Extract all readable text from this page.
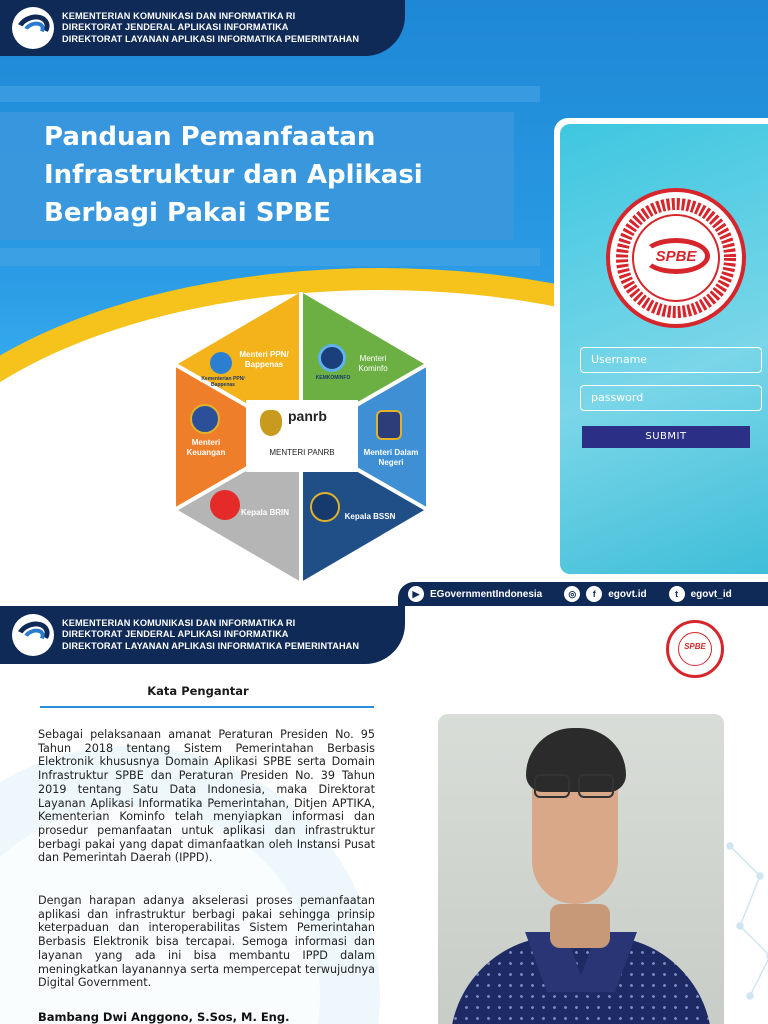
KEMENTERIAN KOMUNIKASI DAN INFORMATIKA RI
DIREKTORAT JENDERAL APLIKASI INFORMATIKA
DIREKTORAT LAYANAN APLIKASI INFORMATIKA PEMERINTAHAN
Panduan Pemanfaatan
Infrastruktur dan Aplikasi
Berbagi Pakai SPBE
SPBE
Username
password
SUBMIT
Menteri PPN/ Bappenas
Kementerian PPN/ Bappenas
KEMKOMINFO
Menteri Kominfo
Menteri Dalam Negeri
Kepala BSSN
Kepala BRIN
Menteri Keuangan
panrb
MENTERI PANRB
▶	EGovernmentIndonesia	◎	f	egovt.id	t	egovt_id
KEMENTERIAN KOMUNIKASI DAN INFORMATIKA RI
DIREKTORAT JENDERAL APLIKASI INFORMATIKA
DIREKTORAT LAYANAN APLIKASI INFORMATIKA PEMERINTAHAN	SPBE
Kata Pengantar
Sebagai pelaksanaan amanat Peraturan Presiden No. 95 Tahun 2018 tentang Sistem Pemerintahan Berbasis Elektronik khususnya Domain Aplikasi SPBE serta Domain Infrastruktur SPBE dan Peraturan Presiden No. 39 Tahun 2019 tentang Satu Data Indonesia, maka Direktorat Layanan Aplikasi Informatika Pemerintahan, Ditjen APTIKA, Kementerian Kominfo telah menyiapkan informasi dan prosedur pemanfaatan untuk aplikasi dan infrastruktur berbagi pakai yang dapat dimanfaatkan oleh Instansi Pusat dan Pemerintah Daerah (IPPD).
Dengan harapan adanya akselerasi proses pemanfaatan aplikasi dan infrastruktur berbagi pakai sehingga prinsip keterpaduan dan interoperabilitas Sistem Pemerintahan Berbasis Elektronik bisa tercapai. Semoga informasi dan layanan yang ada ini bisa membantu IPPD dalam meningkatkan layanannya serta mempercepat terwujudnya Digital Government.
Bambang Dwi Anggono, S.Sos, M. Eng.
